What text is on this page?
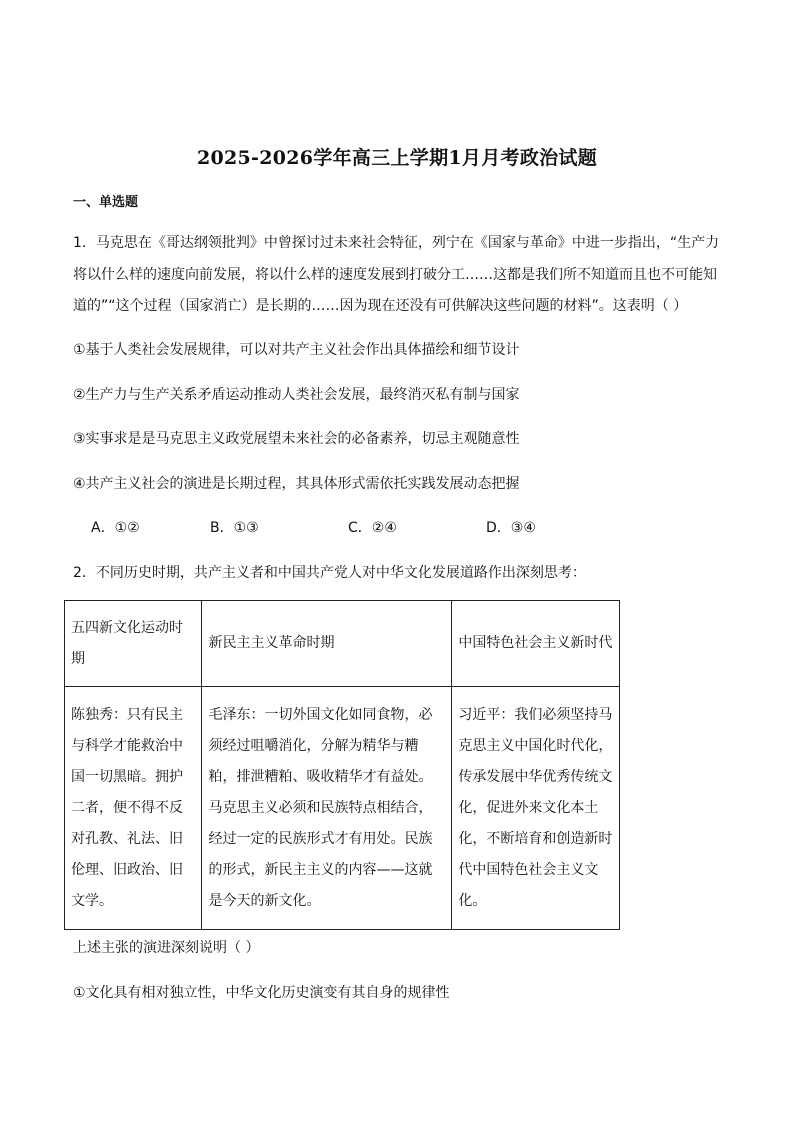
2025-2026学年高三上学期1月月考政治试题
一、单选题
1．马克思在《哥达纲领批判》中曾探讨过未来社会特征，列宁在《国家与革命》中进一步指出，“生产力
将以什么样的速度向前发展，将以什么样的速度发展到打破分工……这都是我们所不知道而且也不可能知
道的”“这个过程（国家消亡）是长期的……因为现在还没有可供解决这些问题的材料”。这表明（ ）
①基于人类社会发展规律，可以对共产主义社会作出具体描绘和细节设计
②生产力与生产关系矛盾运动推动人类社会发展，最终消灭私有制与国家
③实事求是是马克思主义政党展望未来社会的必备素养，切忌主观随意性
④共产主义社会的演进是长期过程，其具体形式需依托实践发展动态把握
A．①②	B．①③	C．②④	D．③④
2．不同历史时期，共产主义者和中国共产党人对中华文化发展道路作出深刻思考：
五四新文化运动时期	新民主主义革命时期	中国特色社会主义新时代

陈独秀：只有民主与科学才能救治中国一切黑暗。拥护二者，便不得不反对孔教、礼法、旧伦理、旧政治、旧文学。	毛泽东：一切外国文化如同食物，必须经过咀嚼消化，分解为精华与糟粕，排泄糟粕、吸收精华才有益处。马克思主义必须和民族特点相结合，经过一定的民族形式才有用处。民族的形式，新民主主义的内容——这就是今天的新文化。	习近平：我们必须坚持马克思主义中国化时代化，传承发展中华优秀传统文化，促进外来文化本土化，不断培育和创造新时代中国特色社会主义文化。
上述主张的演进深刻说明（ ）
①文化具有相对独立性，中华文化历史演变有其自身的规律性
